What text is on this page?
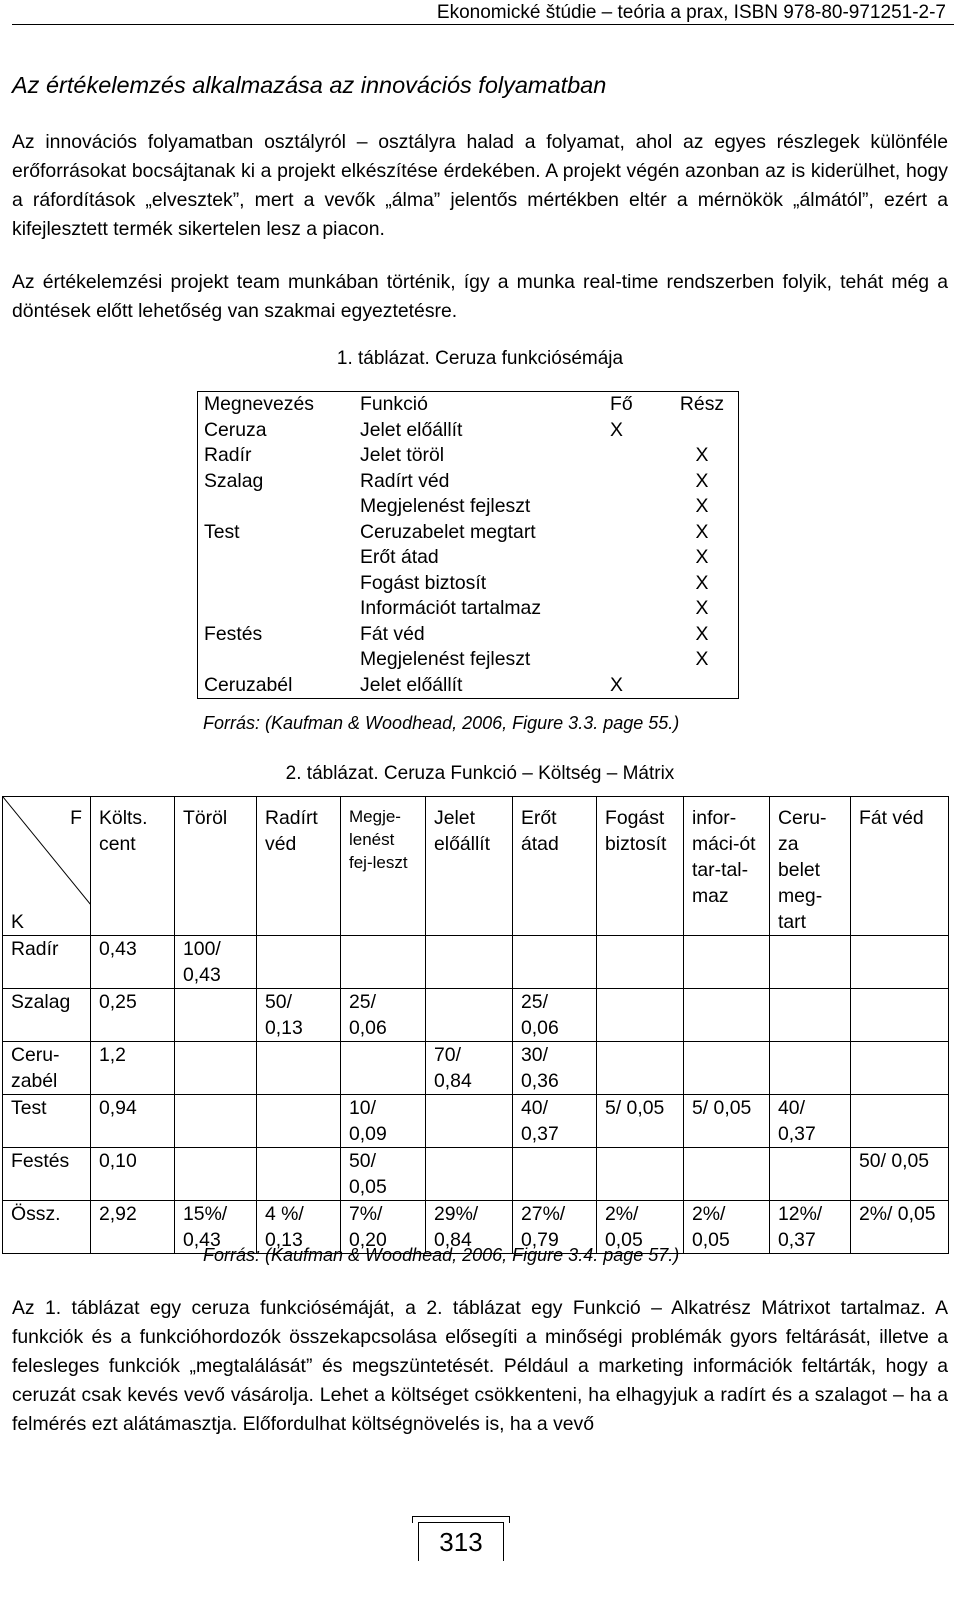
Ekonomické štúdie – teória a prax, ISBN 978-80-971251-2-7
Az értékelemzés alkalmazása az innovációs folyamatban

Az innovációs folyamatban osztályról – osztályra halad a folyamat, ahol az egyes részlegek különféle erőforrásokat bocsájtanak ki a projekt elkészítése érdekében. A projekt végén azonban az is kiderülhet, hogy a ráfordítások „elvesztek”, mert a vevők „álma” jelentős mértékben eltér a mérnökök „álmától”, ezért a kifejlesztett termék sikertelen lesz a piacon.

Az értékelemzési projekt team munkában történik, így a munka real-time rendszerben folyik, tehát még a döntések előtt lehetőség van szakmai egyeztetésre.

1. táblázat. Ceruza funkciósémája
Megnevezés	Funkció	Fő	Rész
Ceruza	Jelet előállít	X	
Radír	Jelet töröl		X
Szalag	Radírt véd		X
	Megjelenést fejleszt		X
Test	Ceruzabelet megtart		X
	Erőt átad		X
	Fogást biztosít		X
	Információt tartalmaz		X
Festés	Fát véd		X
	Megjelenést fejleszt		X
Ceruzabél	Jelet előállít	X	
Forrás: (Kaufman & Woodhead, 2006, Figure 3.3. page 55.)
2. táblázat. Ceruza Funkció – Költség – Mátrix
F
K	Költs. cent	Töröl	Radírt véd	Megje-lenést fej-leszt	Jelet előállít	Erőt átad	Fogást biztosít	infor-máci-ót tar-tal-maz	Ceru-za belet meg-tart	Fát véd
Radír	0,43	100/ 0,43								
Szalag	0,25		50/ 0,13	25/ 0,06		25/ 0,06				
Ceru-zabél	1,2				70/ 0,84	30/ 0,36				
Test	0,94			10/ 0,09		40/ 0,37	5/ 0,05	5/ 0,05	40/ 0,37	
Festés	0,10			50/ 0,05						50/ 0,05
Össz.	2,92	15%/ 0,43	4 %/ 0,13	7%/ 0,20	29%/ 0,84	27%/ 0,79	2%/ 0,05	2%/ 0,05	12%/ 0,37	2%/ 0,05
Forrás: (Kaufman & Woodhead, 2006, Figure 3.4. page 57.)

Az 1. táblázat egy ceruza funkciósémáját, a 2. táblázat egy Funkció – Alkatrész Mátrixot tartalmaz. A funkciók és a funkcióhordozók összekapcsolása elősegíti a minőségi problémák gyors feltárását, illetve a felesleges funkciók „megtalálását” és megszüntetését. Például a marketing információk feltárták, hogy a ceruzát csak kevés vevő vásárolja. Lehet a költséget csökkenteni, ha elhagyjuk a radírt és a szalagot – ha a felmérés ezt alátámasztja. Előfordulhat költségnövelés is, ha a vevő

313
